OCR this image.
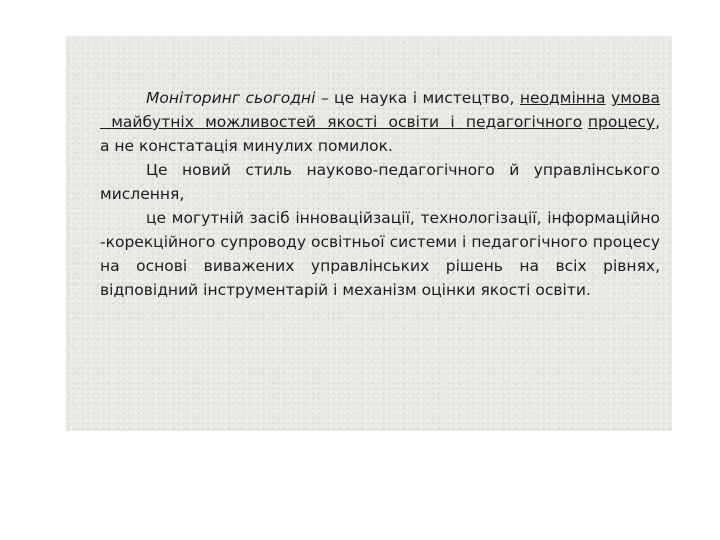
Моніторинг сьогодні – це наука і мистецтво, неодмінна умова  майбутніх можливостей якості освіти і педагогічного процесу, а не констатація минулих помилок.

Це новий стиль науково-педагогічного й управлінського мислення,

це могутній засіб інноваційзації, технологізації, інформаційно -корекційного супроводу освітньої системи і педагогічного процесу на основі виважених управлінських рішень на всіх рівнях, відповідний інструментарій і механізм оцінки якості освіти.
